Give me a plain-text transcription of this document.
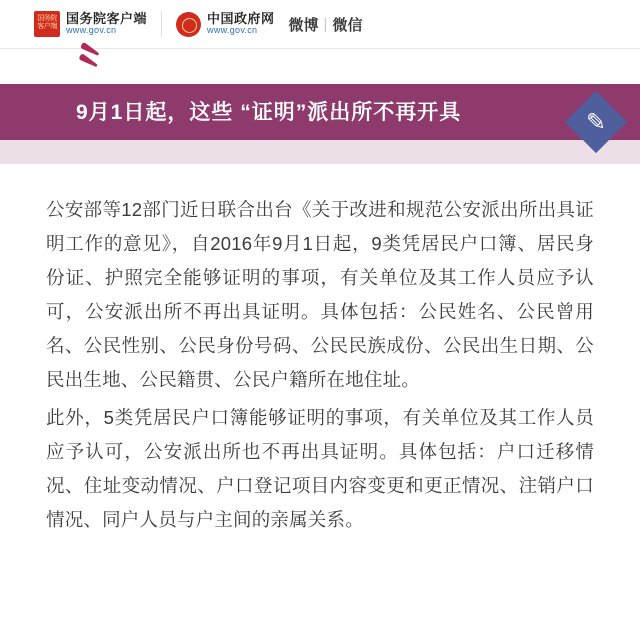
国务院
客户端
国务院客户端
www.gov.cn
中国政府网
www.gov.cn	微博 | 微信
〝
9月1日起，这些 “证明”派出所不再开具	✎

公安部等12部门近日联合出台《关于改进和规范公安派出所出具证明工作的意见》，自2016年9月1日起，9类凭居民户口簿、居民身份证、护照完全能够证明的事项，有关单位及其工作人员应予认可，公安派出所不再出具证明。具体包括：公民姓名、公民曾用名、公民性别、公民身份号码、公民民族成份、公民出生日期、公民出生地、公民籍贯、公民户籍所在地住址。

此外，5类凭居民户口簿能够证明的事项，有关单位及其工作人员应予认可，公安派出所也不再出具证明。具体包括：户口迁移情况、住址变动情况、户口登记项目内容变更和更正情况、注销户口情况、同户人员与户主间的亲属关系。
